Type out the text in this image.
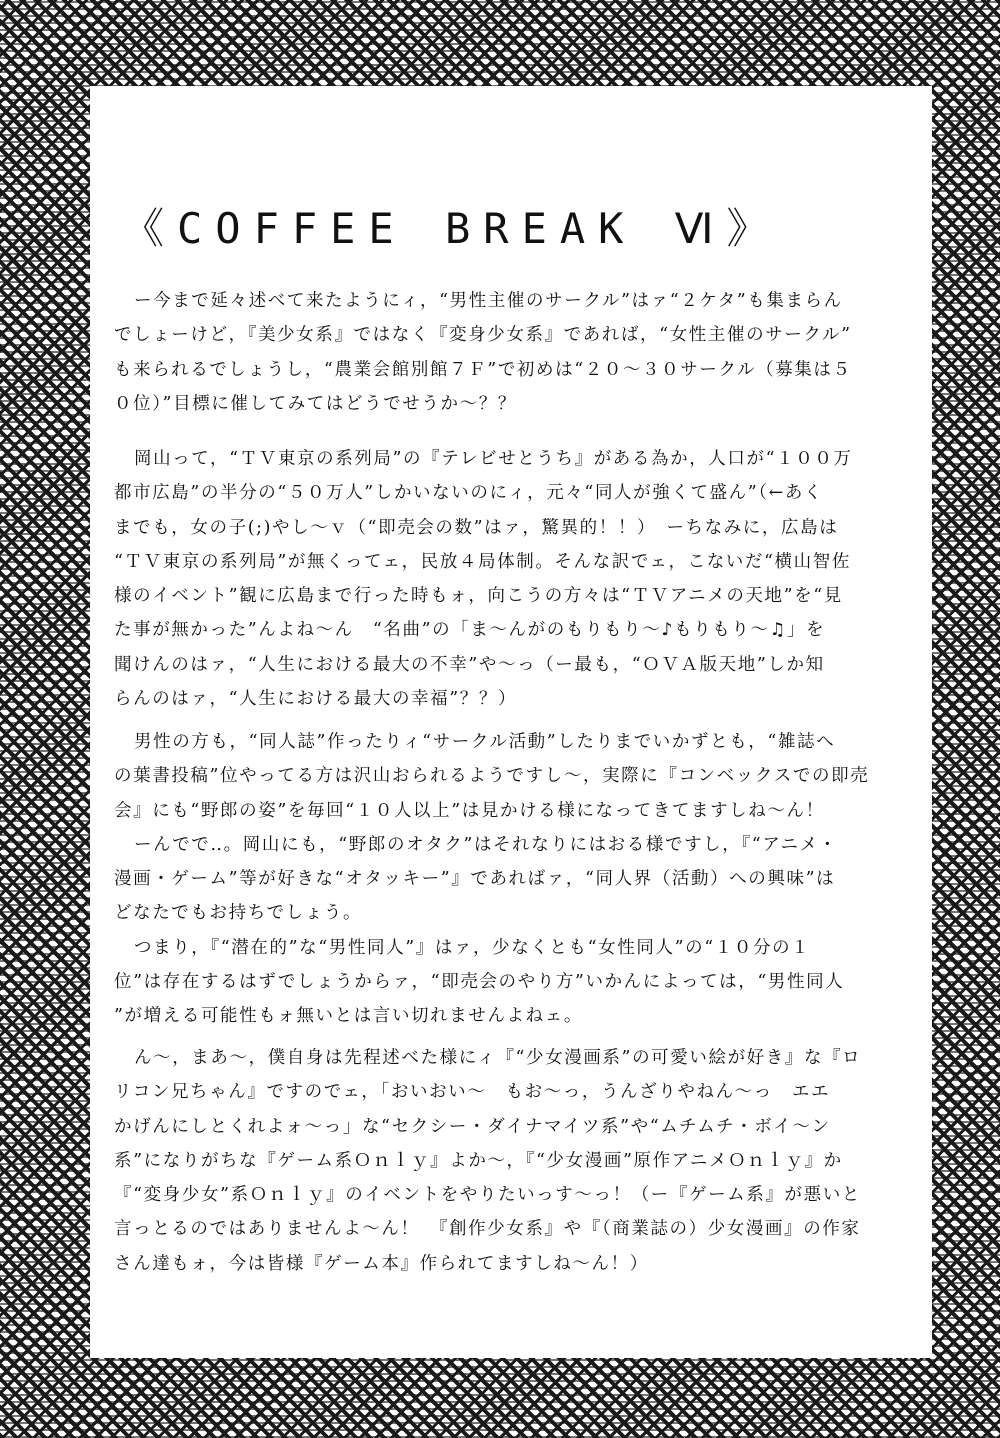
《COFFEE BREAK Ⅵ》
ー今まで延々述べて来たようにィ，“男性主催のサークル”はァ“２ケタ”も集まらん
でしょーけど，『美少女系』ではなく『変身少女系』であれば，“女性主催のサークル”
も来られるでしょうし，“農業会館別館７Ｆ”で初めは“２０～３０サークル（募集は５
０位）”目標に催してみてはどうでせうか～？？
岡山って，“ＴＶ東京の系列局”の『テレビせとうち』がある為か，人口が“１００万
都市広島”の半分の“５０万人”しかいないのにィ，元々“同人が強くて盛ん”（←あく
までも，女の子(;)やし～ｖ（“即売会の数”はァ，驚異的！！）　ーちなみに，広島は
“ＴＶ東京の系列局”が無くってェ，民放４局体制。そんな訳でェ，こないだ“横山智佐
様のイベント”観に広島まで行った時もォ，向こうの方々は“ＴＶアニメの天地”を“見
た事が無かった”んよね～ん　“名曲”の「ま～んがのもりもり～♪もりもり～♫」を
聞けんのはァ，“人生における最大の不幸”や～っ（ー最も，“ＯＶＡ版天地”しか知
らんのはァ，“人生における最大の幸福”？？）
男性の方も，“同人誌”作ったりィ“サークル活動”したりまでいかずとも，“雑誌へ
の葉書投稿”位やってる方は沢山おられるようですし～，実際に『コンベックスでの即売
会』にも“野郎の姿”を毎回“１０人以上”は見かける様になってきてますしね～ん！
ーんでで‥。岡山にも，“野郎のオタク”はそれなりにはおる様ですし，『“アニメ・
漫画・ゲーム”等が好きな“オタッキー”』であればァ，“同人界（活動）への興味”は
どなたでもお持ちでしょう。
つまり，『“潜在的”な“男性同人”』はァ，少なくとも“女性同人”の“１０分の１
位”は存在するはずでしょうからァ，“即売会のやり方”いかんによっては，“男性同人
”が増える可能性もォ無いとは言い切れませんよねェ。
ん～，まあ～，僕自身は先程述べた様にィ『“少女漫画系”の可愛い絵が好き』な『ロ
リコン兄ちゃん』ですのでェ，「おいおい～　もお～っ，うんざりやねん～っ　エエ
かげんにしとくれよォ～っ」な“セクシー・ダイナマイツ系”や“ムチムチ・ボイ～ン
系”になりがちな『ゲーム系Ｏｎｌｙ』よか～，『“少女漫画”原作アニメＯｎｌｙ』か
『“変身少女”系Ｏｎｌｙ』のイベントをやりたいっす～っ！（ー『ゲーム系』が悪いと
言っとるのではありませんよ～ん！　『創作少女系』や『（商業誌の）少女漫画』の作家
さん達もォ，今は皆様『ゲーム本』作られてますしね～ん！）
